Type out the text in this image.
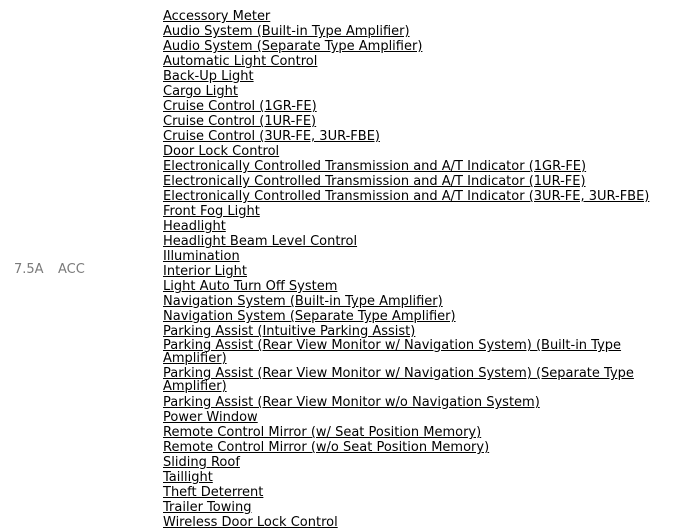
7.5A ACC
Accessory Meter
Audio System (Built-in Type Amplifier)
Audio System (Separate Type Amplifier)
Automatic Light Control
Back-Up Light
Cargo Light
Cruise Control (1GR-FE)
Cruise Control (1UR-FE)
Cruise Control (3UR-FE, 3UR-FBE)
Door Lock Control
Electronically Controlled Transmission and A/T Indicator (1GR-FE)
Electronically Controlled Transmission and A/T Indicator (1UR-FE)
Electronically Controlled Transmission and A/T Indicator (3UR-FE, 3UR-FBE)
Front Fog Light
Headlight
Headlight Beam Level Control
Illumination
Interior Light
Light Auto Turn Off System
Navigation System (Built-in Type Amplifier)
Navigation System (Separate Type Amplifier)
Parking Assist (Intuitive Parking Assist)
Parking Assist (Rear View Monitor w/ Navigation System) (Built-in Type Amplifier)
Parking Assist (Rear View Monitor w/ Navigation System) (Separate Type Amplifier)
Parking Assist (Rear View Monitor w/o Navigation System)
Power Window
Remote Control Mirror (w/ Seat Position Memory)
Remote Control Mirror (w/o Seat Position Memory)
Sliding Roof
Taillight
Theft Deterrent
Trailer Towing
Wireless Door Lock Control
